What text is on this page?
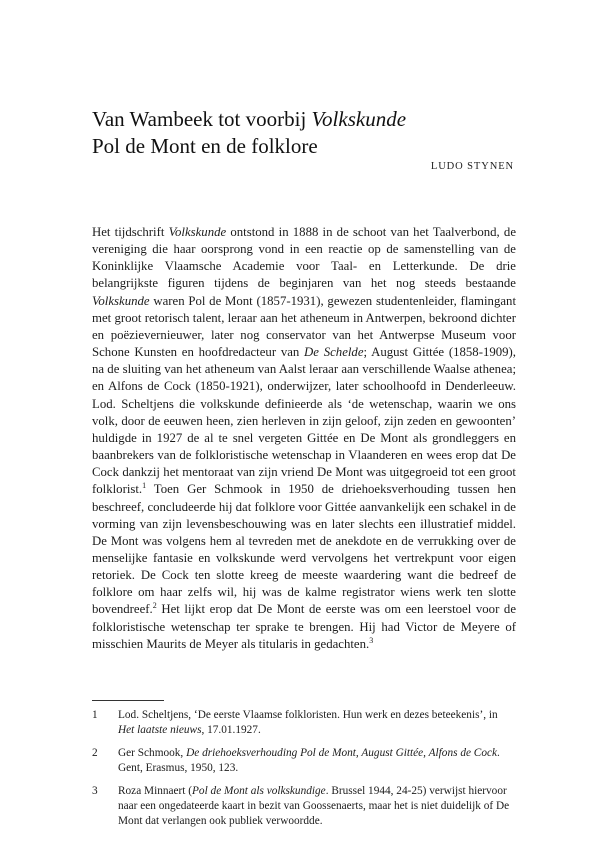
Van Wambeek tot voorbij Volkskunde
Pol de Mont en de folklore
LUDO STYNEN

Het tijdschrift Volkskunde ontstond in 1888 in de schoot van het Taalverbond, de vereniging die haar oorsprong vond in een reactie op de samenstelling van de Koninklijke Vlaamsche Academie voor Taal- en Letterkunde. De drie belangrijkste figuren tijdens de beginjaren van het nog steeds bestaande Volkskunde waren Pol de Mont (1857-1931), gewezen studentenleider, flamingant met groot retorisch talent, leraar aan het atheneum in Antwerpen, bekroond dichter en poëzievernieuwer, later nog conservator van het Antwerpse Museum voor Schone Kunsten en hoofdredacteur van De Schelde; August Gittée (1858-1909), na de sluiting van het atheneum van Aalst leraar aan verschillende Waalse athenea; en Alfons de Cock (1850-1921), onderwijzer, later schoolhoofd in Denderleeuw. Lod. Scheltjens die volkskunde definieerde als ‘de wetenschap, waarin we ons volk, door de eeuwen heen, zien herleven in zijn geloof, zijn zeden en gewoonten’ huldigde in 1927 de al te snel vergeten Gittée en De Mont als grondleggers en baanbrekers van de folkloristische wetenschap in Vlaanderen en wees erop dat De Cock dankzij het mentoraat van zijn vriend De Mont was uitgegroeid tot een groot folklorist.$^1$ Toen Ger Schmook in 1950 de driehoeksverhouding tussen hen beschreef, concludeerde hij dat folklore voor Gittée aanvankelijk een schakel in de vorming van zijn levensbeschouwing was en later slechts een illustratief middel. De Mont was volgens hem al tevreden met de anekdote en de verrukking over de menselijke fantasie en volkskunde werd vervolgens het vertrekpunt voor eigen retoriek. De Cock ten slotte kreeg de meeste waardering want die bedreef de folklore om haar zelfs wil, hij was de kalme registrator wiens werk ten slotte bovendreef.$^2$ Het lijkt erop dat De Mont de eerste was om een leerstoel voor de folkloristische wetenschap ter sprake te brengen. Hij had Victor de Meyere of misschien Maurits de Meyer als titularis in gedachten.$^3$

1 Lod. Scheltjens, ‘De eerste Vlaamse folkloristen. Hun werk en dezes beteekenis’, in Het laatste nieuws, 17.01.1927.
2 Ger Schmook, De driehoeksverhouding Pol de Mont, August Gittée, Alfons de Cock. Gent, Erasmus, 1950, 123.
3 Roza Minnaert (Pol de Mont als volkskundige. Brussel 1944, 24-25) verwijst hiervoor naar een ongedateerde kaart in bezit van Goossenaerts, maar het is niet duidelijk of De Mont dat verlangen ook publiek verwoordde.
